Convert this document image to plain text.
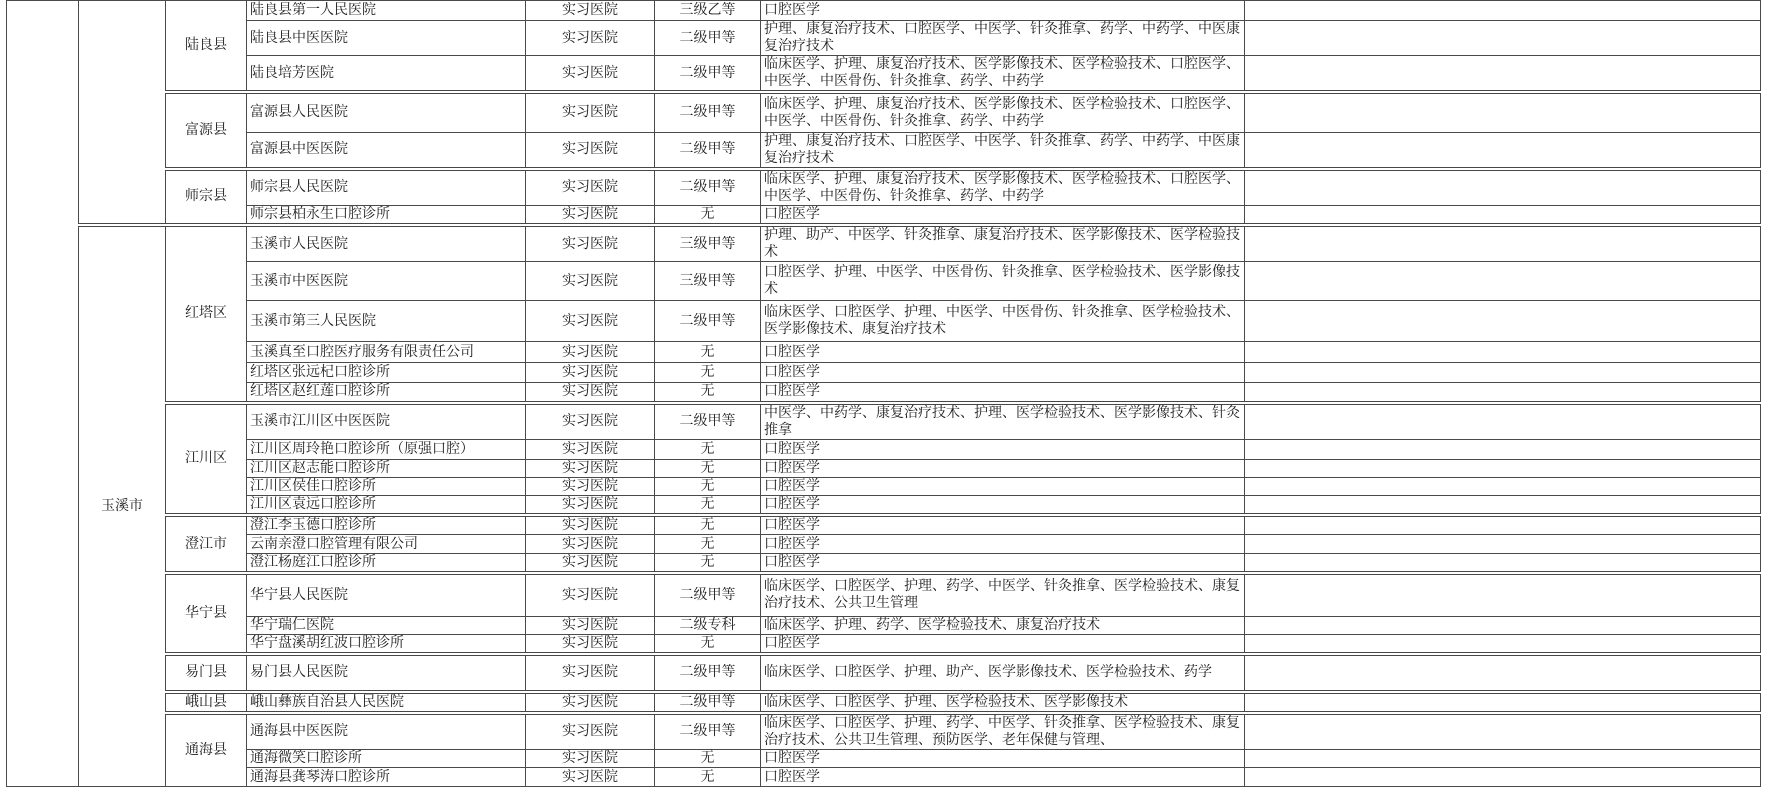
		陆良县	陆良县第一人民医院	实习医院	三级乙等	口腔医学	
			陆良县中医医院	实习医院	二级甲等	护理、康复治疗技术、口腔医学、中医学、针灸推拿、药学、中药学、中医康复治疗技术	
			陆良培芳医院	实习医院	二级甲等	临床医学、护理、康复治疗技术、医学影像技术、医学检验技术、口腔医学、中医学、中医骨伤、针灸推拿、药学、中药学	
		富源县	富源县人民医院	实习医院	二级甲等	临床医学、护理、康复治疗技术、医学影像技术、医学检验技术、口腔医学、中医学、中医骨伤、针灸推拿、药学、中药学	
			富源县中医医院	实习医院	二级甲等	护理、康复治疗技术、口腔医学、中医学、针灸推拿、药学、中药学、中医康复治疗技术	
		师宗县	师宗县人民医院	实习医院	二级甲等	临床医学、护理、康复治疗技术、医学影像技术、医学检验技术、口腔医学、中医学、中医骨伤、针灸推拿、药学、中药学	
			师宗县柏永生口腔诊所	实习医院	无	口腔医学	
	玉溪市	红塔区	玉溪市人民医院	实习医院	三级甲等	护理、助产、中医学、针灸推拿、康复治疗技术、医学影像技术、医学检验技术	
			玉溪市中医医院	实习医院	三级甲等	口腔医学、护理、中医学、中医骨伤、针灸推拿、医学检验技术、医学影像技术	
			玉溪市第三人民医院	实习医院	二级甲等	临床医学、口腔医学、护理、中医学、中医骨伤、针灸推拿、医学检验技术、医学影像技术、康复治疗技术	
			玉溪真至口腔医疗服务有限责任公司	实习医院	无	口腔医学	
			红塔区张远杞口腔诊所	实习医院	无	口腔医学	
			红塔区赵红莲口腔诊所	实习医院	无	口腔医学	
		江川区	玉溪市江川区中医医院	实习医院	二级甲等	中医学、中药学、康复治疗技术、护理、医学检验技术、医学影像技术、针灸推拿	
			江川区周玲艳口腔诊所（原强口腔）	实习医院	无	口腔医学	
			江川区赵志能口腔诊所	实习医院	无	口腔医学	
			江川区侯佳口腔诊所	实习医院	无	口腔医学	
			江川区袁远口腔诊所	实习医院	无	口腔医学	
		澄江市	澄江李玉德口腔诊所	实习医院	无	口腔医学	
			云南亲澄口腔管理有限公司	实习医院	无	口腔医学	
			澄江杨庭江口腔诊所	实习医院	无	口腔医学	
		华宁县	华宁县人民医院	实习医院	二级甲等	临床医学、口腔医学、护理、药学、中医学、针灸推拿、医学检验技术、康复治疗技术、公共卫生管理	
			华宁瑞仁医院	实习医院	二级专科	临床医学、护理、药学、医学检验技术、康复治疗技术	
			华宁盘溪胡红波口腔诊所	实习医院	无	口腔医学	
		易门县	易门县人民医院	实习医院	二级甲等	临床医学、口腔医学、护理、助产、医学影像技术、医学检验技术、药学	
		峨山县	峨山彝族自治县人民医院	实习医院	二级甲等	临床医学、口腔医学、护理、医学检验技术、医学影像技术	
		通海县	通海县中医医院	实习医院	二级甲等	临床医学、口腔医学、护理、药学、中医学、针灸推拿、医学检验技术、康复治疗技术、公共卫生管理、预防医学、老年保健与管理、	
			通海微笑口腔诊所	实习医院	无	口腔医学	
			通海县龚琴涛口腔诊所	实习医院	无	口腔医学	
